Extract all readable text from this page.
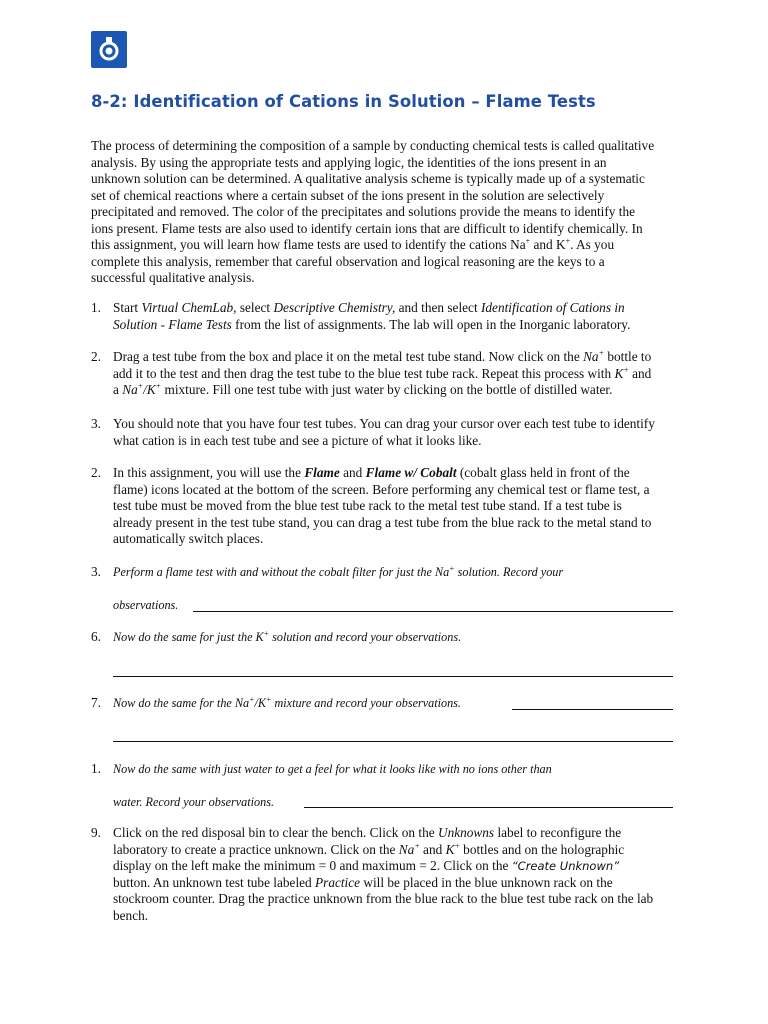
8-2: Identification of Cations in Solution – Flame Tests
The process of determining the composition of a sample by conducting chemical tests is called qualitative
analysis. By using the appropriate tests and applying logic, the identities of the ions present in an
unknown solution can be determined. A qualitative analysis scheme is typically made up of a systematic
set of chemical reactions where a certain subset of the ions present in the solution are selectively
precipitated and removed. The color of the precipitates and solutions provide the means to identify the
ions present. Flame tests are also used to identify certain ions that are difficult to identify chemically. In
this assignment, you will learn how flame tests are used to identify the cations Na+ and K+. As you
complete this analysis, remember that careful observation and logical reasoning are the keys to a
successful qualitative analysis.
1. Start Virtual ChemLab, select Descriptive Chemistry, and then select Identification of Cations in
Solution - Flame Tests from the list of assignments. The lab will open in the Inorganic laboratory.
2. Drag a test tube from the box and place it on the metal test tube stand. Now click on the Na+ bottle to
add it to the test and then drag the test tube to the blue test tube rack. Repeat this process with K+ and
a Na+/K+ mixture. Fill one test tube with just water by clicking on the bottle of distilled water.
3. You should note that you have four test tubes. You can drag your cursor over each test tube to identify
what cation is in each test tube and see a picture of what it looks like.
2. In this assignment, you will use the Flame and Flame w/ Cobalt (cobalt glass held in front of the
flame) icons located at the bottom of the screen. Before performing any chemical test or flame test, a
test tube must be moved from the blue test tube rack to the metal test tube stand. If a test tube is
already present in the test tube stand, you can drag a test tube from the blue rack to the metal stand to
automatically switch places.
3. Perform a flame test with and without the cobalt filter for just the Na+ solution. Record your
observations.
6. Now do the same for just the K+ solution and record your observations.
7. Now do the same for the Na+/K+ mixture and record your observations.
1. Now do the same with just water to get a feel for what it looks like with no ions other than
water. Record your observations.
9. Click on the red disposal bin to clear the bench. Click on the Unknowns label to reconfigure the
laboratory to create a practice unknown. Click on the Na+ and K+ bottles and on the holographic
display on the left make the minimum = 0 and maximum = 2. Click on the “Create Unknown”
button. An unknown test tube labeled Practice will be placed in the blue unknown rack on the
stockroom counter. Drag the practice unknown from the blue rack to the blue test tube rack on the lab
bench.
